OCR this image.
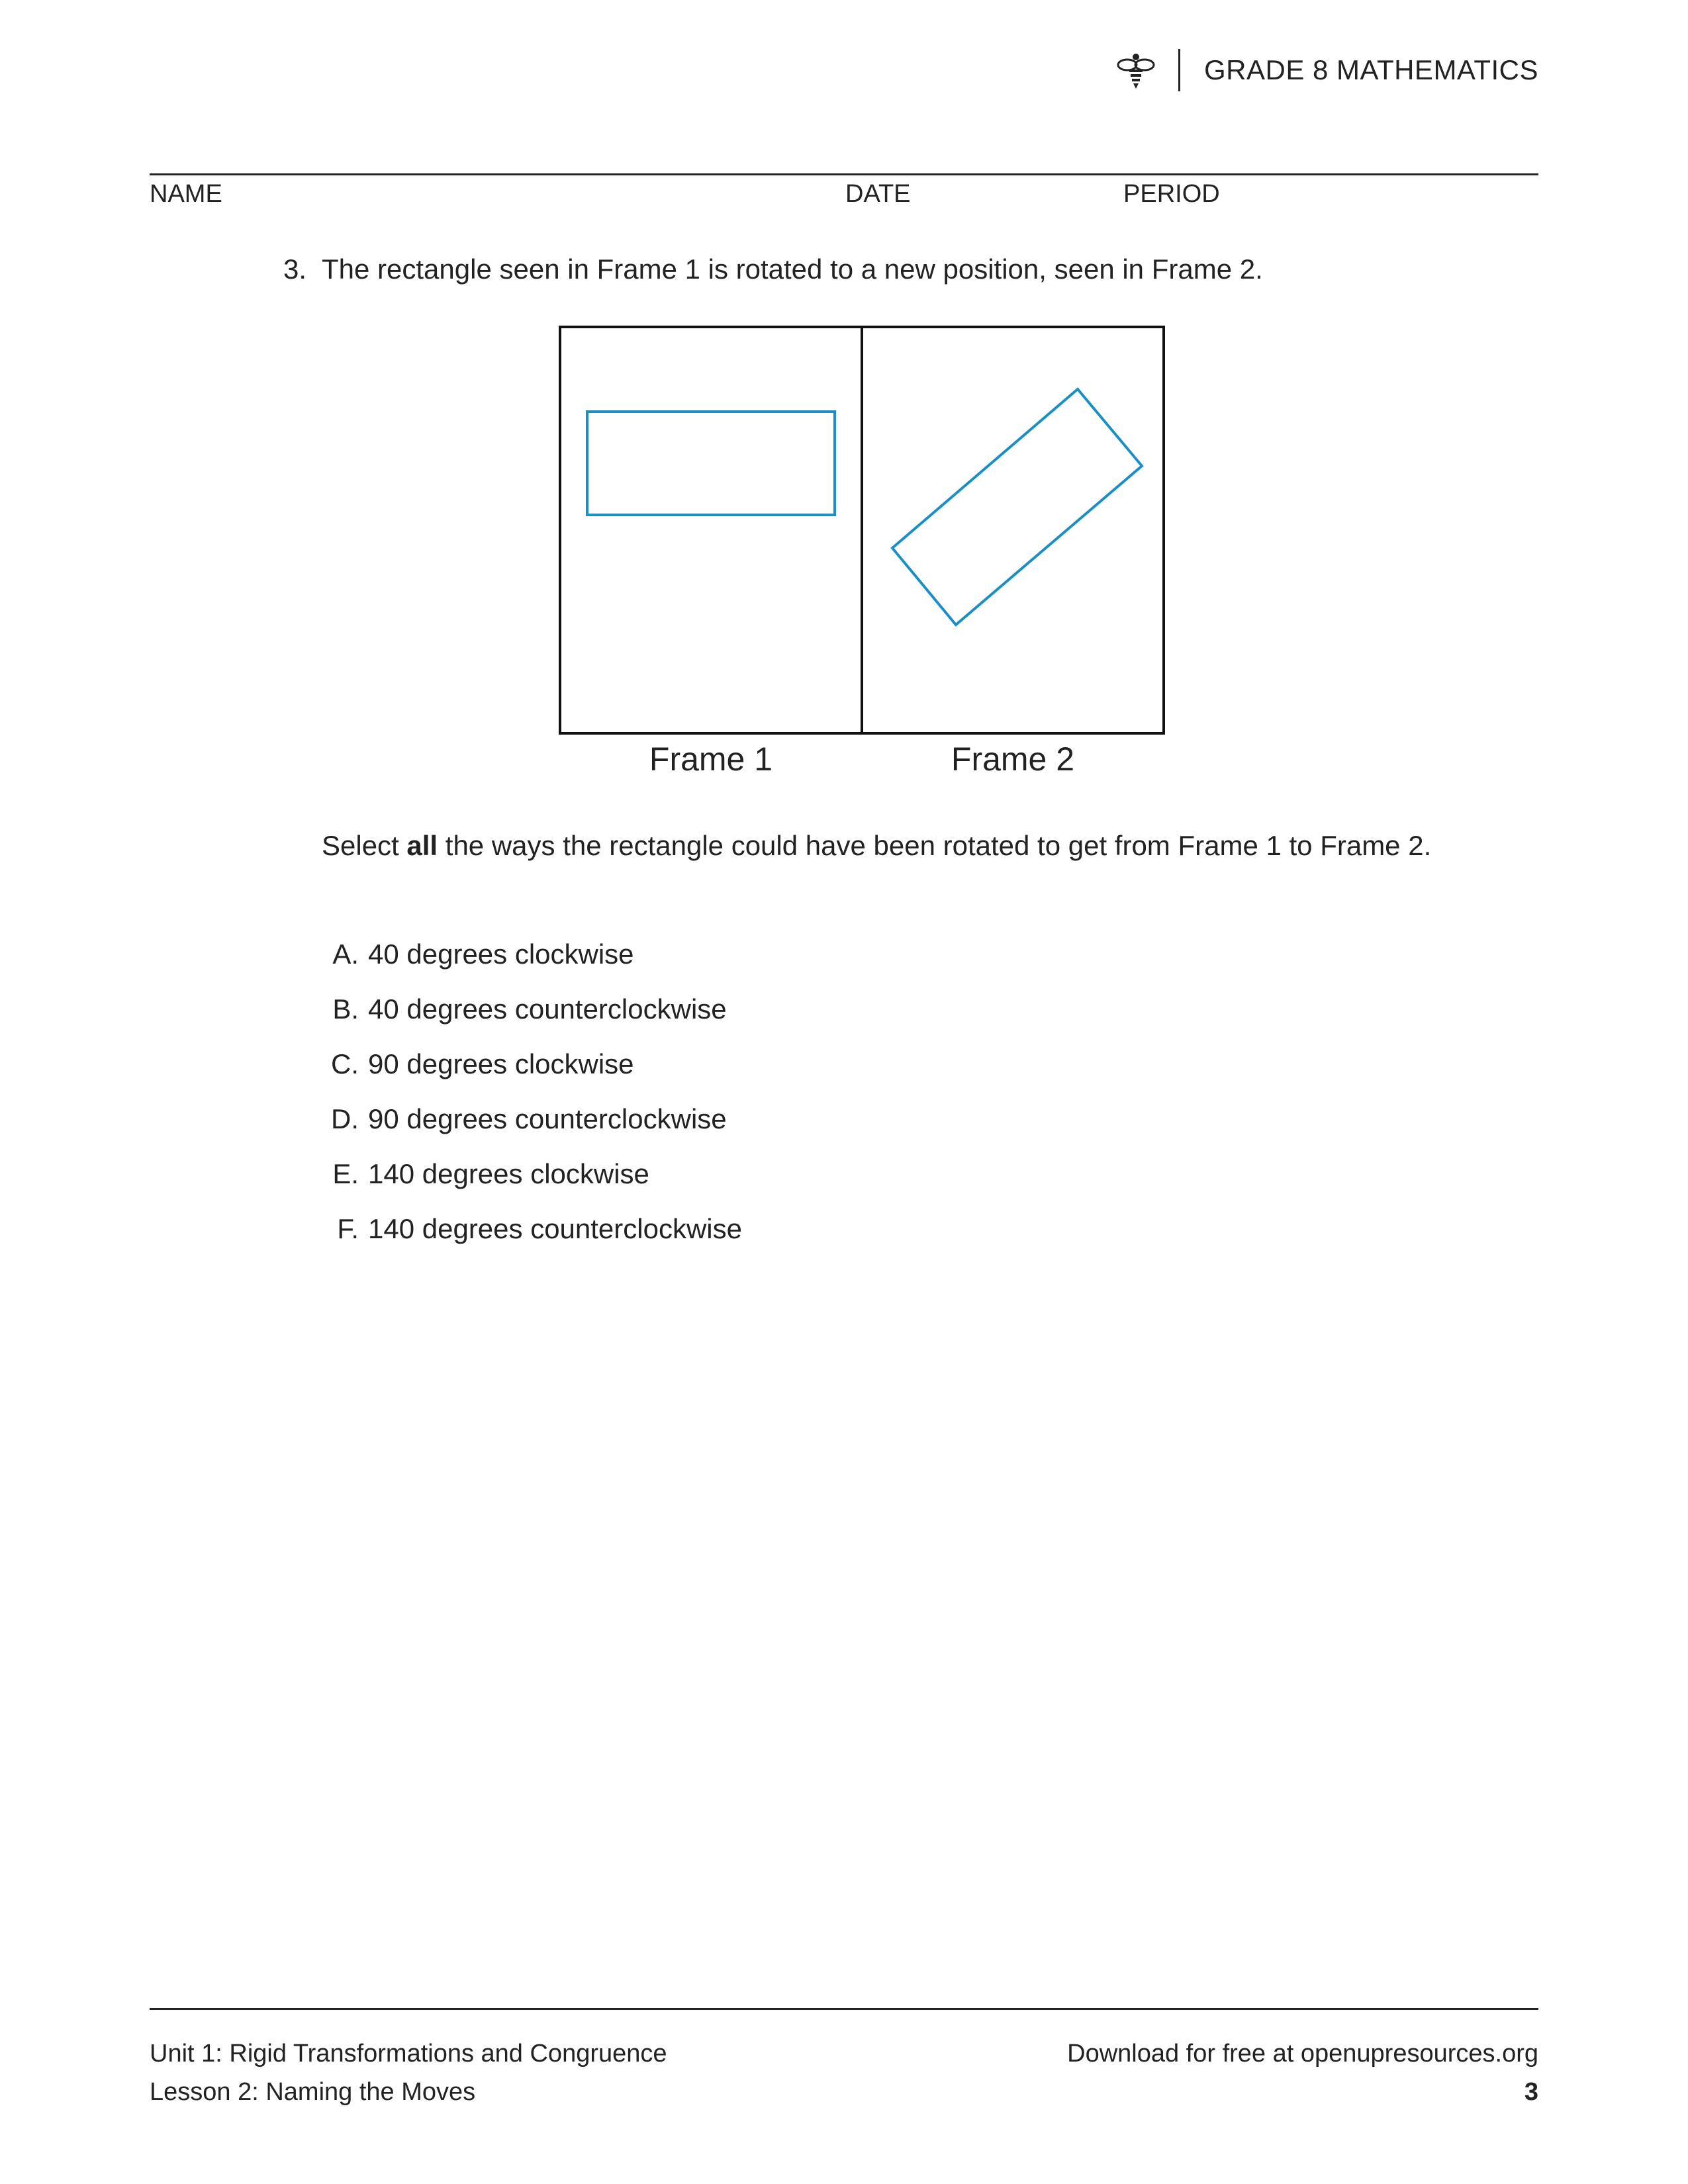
GRADE 8 MATHEMATICS
NAME	DATE	PERIOD
3. The rectangle seen in Frame 1 is rotated to a new position, seen in Frame 2.
Frame 1	Frame 2
Select all the ways the rectangle could have been rotated to get from Frame 1 to Frame 2.
A. 40 degrees clockwise
B. 40 degrees counterclockwise
C. 90 degrees clockwise
D. 90 degrees counterclockwise
E. 140 degrees clockwise
F. 140 degrees counterclockwise
Unit 1: Rigid Transformations and Congruence
Lesson 2: Naming the Moves
Download for free at openupresources.org
3
